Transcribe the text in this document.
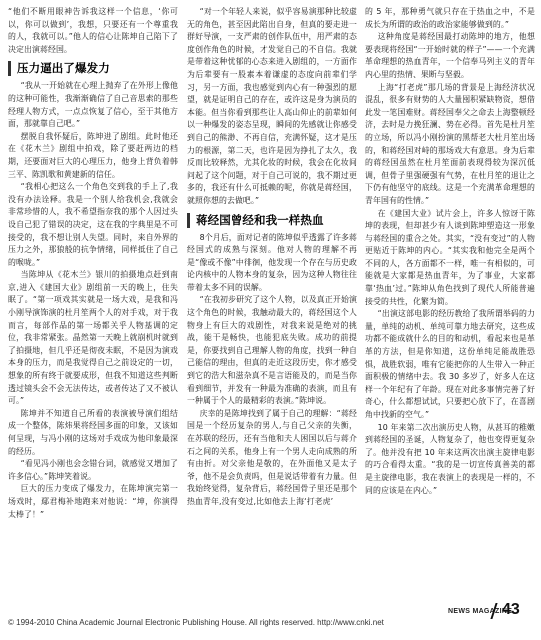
“他们不断用眼神告诉我这样一个信息，‘你可以，你可以做到’，我想，只要还有一个尊重我的人，我就可以。”他人的信心让陈坤自己陷下了决定出演蒋经国。

压力逼出了爆发力

“我从一开始就在心理上抛弃了在外形上像他的这种可能性，我渐渐确信了自己音思索的那些经理人物方式，一点点恢复了信心，至于其他方面，那就靠自己吧。”

摆脱自我怀疑后，陈坤进了剧组。此时他还在《花木兰》剧组中拍戏，除了要赶两边的档期，还要面对巨大的心理压力，他身上背负着韩三平、陈凯歌和黄建新的信任。

“我相心把这么一个角色交到我的手上了,我没有办法诠释。我是一个别人给我机会,我就会非常珍惜的人，我不希望指奈我的那个人因过头设自己犯了错误的决定，这在我的字典里是不可接受的，我不想让别人失望。同时，来自外界的压力之外，那狼般的抗争情绪，同样抵住了自己的喉咙。”

当陈坤从《花木兰》银川的拍摄地点赶到南京,进入《建国大业》剧组前一天的晚上，住失眠了。“第一项戏其实就是一场大戏，是我和冯小刚导演饰演的杜月笙两个人的对手戏，对于我而言，每部作品的第一场都关乎人物基调的定位，我非常紧张。晶然第一天晚上就崩机时就到了拍摄地，但几乎还是彻夜未眠，不是因为演戏本身的压力，而是我觉得自己之前设定的一切，想象的所有终于就要成形，但我不知道这些判断透过镜头会不会无法传达，或者传达了又不被认可。”

陈坤并不知道自己所看的表演被导演们组结成一个整体，陈炜果将经国多面的印象，又该如何呈现，与冯小刚的这场对手戏成为他印象最深的经历。

“看见冯小刚也会念错台词，就感觉又增加了许多信心。”陈坤笑着说。

巨大的压力变成了爆发力，在陈坤演完第一场戏时，鄢君梅补地跑来对他说：“坤，你演得太棒了！”

“对一个年轻人来说，似乎容易演那种比较虚无的角色，甚至因此陷出自身，但真的要走进一群好导演，一支严肃的创作队伍中，用严肃的态度创作角色的时候，才发觉自己的不自信。我就是带着这种忧郁的心态来进入剧组的，一方面作为后辈要有一股素本着谦虚的态度向前辈们学习，另一方面，我也感觉到内心有一种强烈的愿望，就是证明自己的存在，或许这是身为演员的本能。但当你看到那些让人高山仰止的前辈如何以一种爆发的姿态呈现，瞬间的先感就让你感受到自己的熊渺、不再自信，充满怀疑，这才是压力的根源，第二天，也许是因为挣扎了太久，我反而比较释然，尤其化妆的时候，我会在化妆间问起了这个问题，对于自己可说的，我不期过更多的，我还有什么可抵赖的呢，你就是蒋经国，就照你想的去做吧。”

蒋经国曾经和我一样热血

8个月后，面对记者的陈坤似乎透露了许多蒋经国式的成熟与深刻。他对人物的理解不再是“像或不像”中徘徊，他发现一个存在与历史政论内核中的人物本身的复杂，因为这种人物往往带着太多不同的误解。

“在我初步研究了这个人物，以及真正开始演这个角色的时候，我触动最大的，蒋经国这个人物身上有巨大的戏剧性，对我来说是绝对的挑战，能干是畅快，也能犯底失败。成功的前提是，你要找到自己理解人物的角度，找到一种自己能信的理由，但真的走近这段历史，你才感受到它的浩大和滋杂真不是言语能及的，而是当你看到细节，并发有一种最为准确的表演，而且有一种属于个人的最精彩的表演。”陈坤说。

庆幸的是陈坤找到了属于自己的理解：“蒋经国是一个经历复杂的男人,与自己父亲的失衡，在苏联的经历，还有当他和夫人困国以后与蒋介石之间的关系，他身上有一个男人走向成熟的所有由折。对父亲他是敬的，在外面他又是太子爷，他不是会负责吗，但是说话带着有力量。但我始终觉得，复杂背后，蒋经国骨子里还是那个热血青年,没有变过,比如他去上海‘打老虎’

的 5 年，那种勇气就只存在于热血之中，不是成长为所谓的政治的政治家能够做到的。”

这种角度是蒋经国最打动陈坤的地方，他想要表现将经国“一开始时就的样子”——一个充满革命理想的热血青年，一个信奉马列主义的青年内心里的热情、果断与坚毅。

上海“打老虎”那几场的背景是上海经济状况混乱，很多有财势的人大量囤积紧缺物资，想借此发一笔国难财。蒋经国奉父之命去上海整顿经济，去时是力挽狂澜、势在必得。首先是杜月笙的立场，所以冯小刚扮演的黑帮老大杜月笙出场的，和蒋经国对峙的那场戏大有意思。身为后辈的蒋经国虽然在杜月笙面前表现得较为深沉低调，但骨子里强硬强有气势，在杜月笙的退让之下仍有他坚守的底线。这是一个充满革命理想的青年国有的性情。”

在《建国大业》试片会上，许多人惊讶于陈坤的表现，但却甚少有人谈到陈坤塑造这一形象与蒋经国的重合之处。其实，“没有变过”的人物更贴近于陈坤的内心。“其实我和他完全是两个不同的人，各方面都不一样，唯一有相似的，可能就是大家都是热血青年，为了事业，大家都靠‘热血’过。”陈坤从角色找到了现代人所能普遍接受的共性，化繁为简。

“出演这部电影的经历教给了我所谓举码的力量，单纯的动机、单纯可靠力地去研究，这些成功都不能成就什么的目的和动机，看起来也是革革的方法，但是你知道，这份单纯足能战胜恐惧，战胜软弱，唯有它能把你的人生带入一种正面积极的情绪中去。我 30 多岁了，好多人在这样一个年纪有了年龄。现在对此多事情完善了好奇心，什么都想试试，只要把心放下了，在喜剧角中找新的空气。”

10 年来第二次出演历史人物，从甚耳的稚嫩到蒋经国的圣诞，人物复杂了，他也变得更复杂了。他并没有把 10 年来这两次出演主旋律电影的巧合看得太重。“我的是一切宣传真善美的都是主旋律电影，我在表演上的表现是一样的，不同的应该是在内心。”

© 1994-2010 China Academic Journal Electronic Publishing House. All rights reserved. http://www.cnki.net
NEWS MAGAZINE
43
